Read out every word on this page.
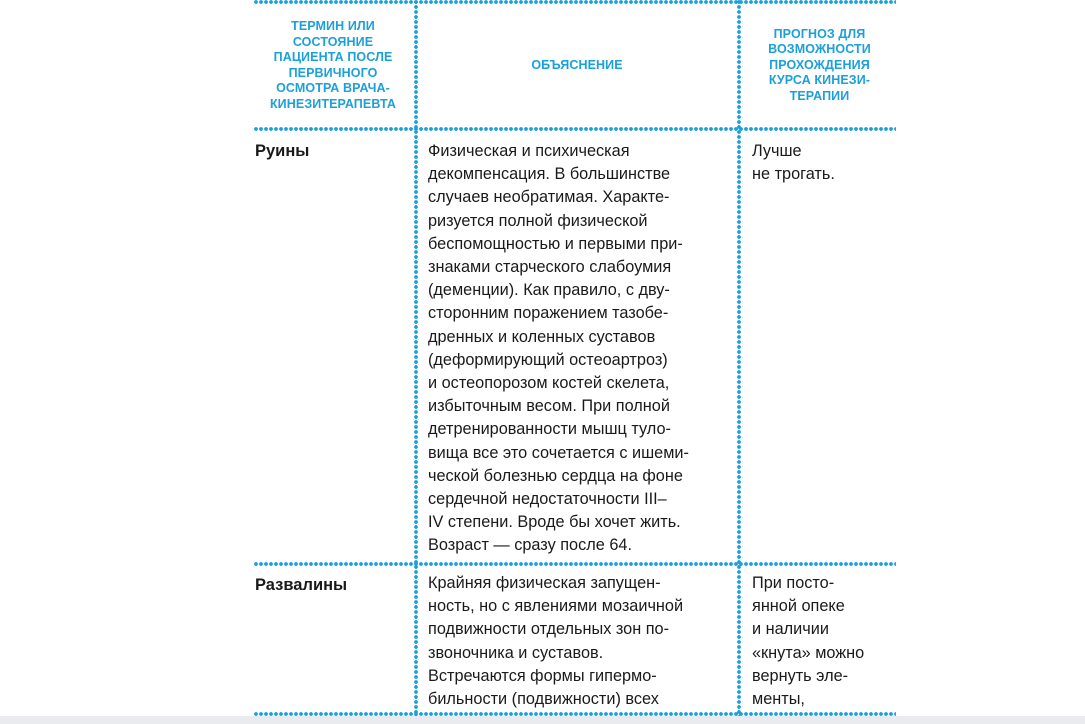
ТЕРМИН ИЛИ
СОСТОЯНИЕ
ПАЦИЕНТА ПОСЛЕ
ПЕРВИЧНОГО
ОСМОТРА ВРАЧА-
КИНЕЗИТЕРАПЕВТА
ОБЪЯСНЕНИЕ
ПРОГНОЗ ДЛЯ
ВОЗМОЖНОСТИ
ПРОХОЖДЕНИЯ
КУРСА КИНЕЗИ-
ТЕРАПИИ
Руины	Физическая и психическая
декомпенсация. В большинстве
случаев необратимая. Характе-
ризуется полной физической
беспомощностью и первыми при-
знаками старческого слабоумия
(деменции). Как правило, с дву-
сторонним поражением тазобе-
дренных и коленных суставов
(деформирующий остеоартроз)
и остеопорозом костей скелета,
избыточным весом. При полной
детренированности мышц туло-
вища все это сочетается с ишеми-
ческой болезнью сердца на фоне
сердечной недостаточности III–
IV степени. Вроде бы хочет жить.
Возраст — сразу после 64.
Лучше
не трогать.
Развалины	Крайняя физическая запущен-
ность, но с явлениями мозаичной
подвижности отдельных зон по-
звоночника и суставов.
Встречаются формы гипермо-
бильности (подвижности) всех
При посто-
янной опеке
и наличии
«кнута» можно
вернуть эле-
менты,
